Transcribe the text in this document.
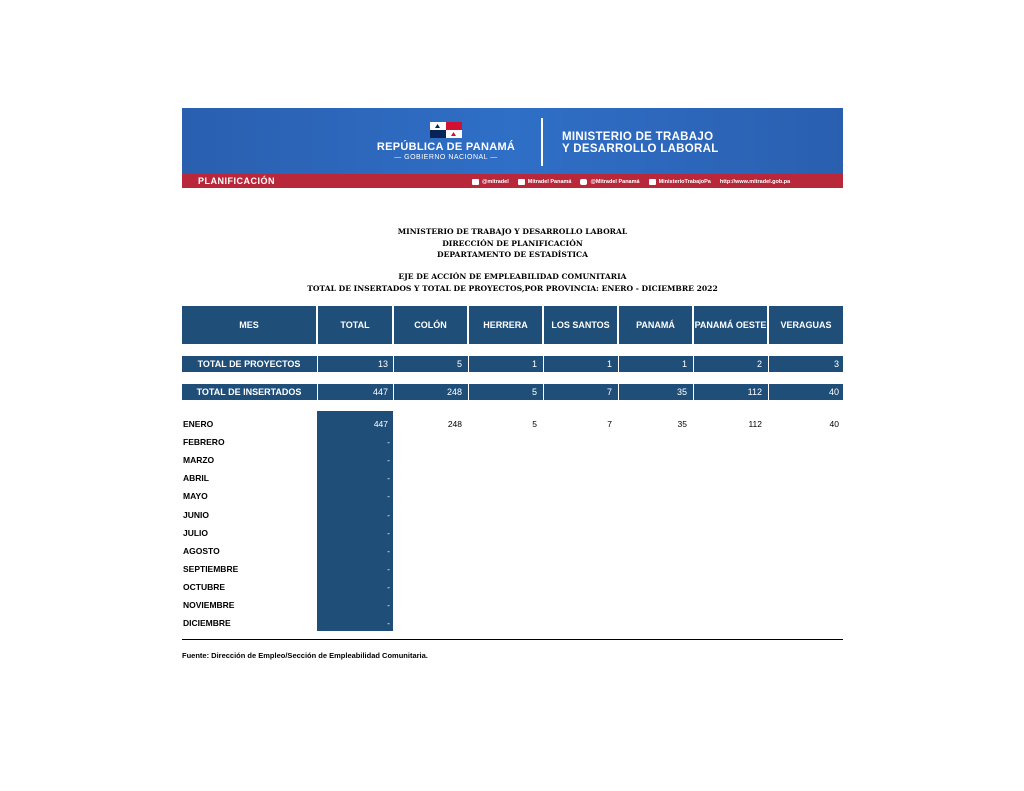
REPÚBLICA DE PANAMÁ
— GOBIERNO NACIONAL —
MINISTERIO DE TRABAJO
Y DESARROLLO LABORAL
PLANIFICACIÓN	@mitradel	Mitradel Panamá	@Mitradel Panamá	MinisterioTrabajoPa http://www.mitradel.gob.pa
MINISTERIO DE TRABAJO Y DESARROLLO LABORAL
DIRECCIÓN DE PLANIFICACIÓN
DEPARTAMENTO DE ESTADÍSTICA
EJE DE ACCIÓN DE EMPLEABILIDAD COMUNITARIA
TOTAL DE INSERTADOS Y TOTAL DE PROYECTOS,POR PROVINCIA: ENERO - DICIEMBRE 2022
MES	TOTAL	COLÓN	HERRERA	LOS SANTOS	PANAMÁ	PANAMÁ OESTE	VERAGUAS
TOTAL DE PROYECTOS	13	5	1	1	1	2	3
TOTAL DE INSERTADOS	447	248	5	7	35	112	40
ENERO	447	248	5	7	35	112	40
FEBRERO	-
MARZO	-
ABRIL	-
MAYO	-
JUNIO	-
JULIO	-
AGOSTO	-
SEPTIEMBRE	-
OCTUBRE	-
NOVIEMBRE	-
DICIEMBRE	-
Fuente: Dirección de Empleo/Sección de Empleabilidad Comunitaria.
